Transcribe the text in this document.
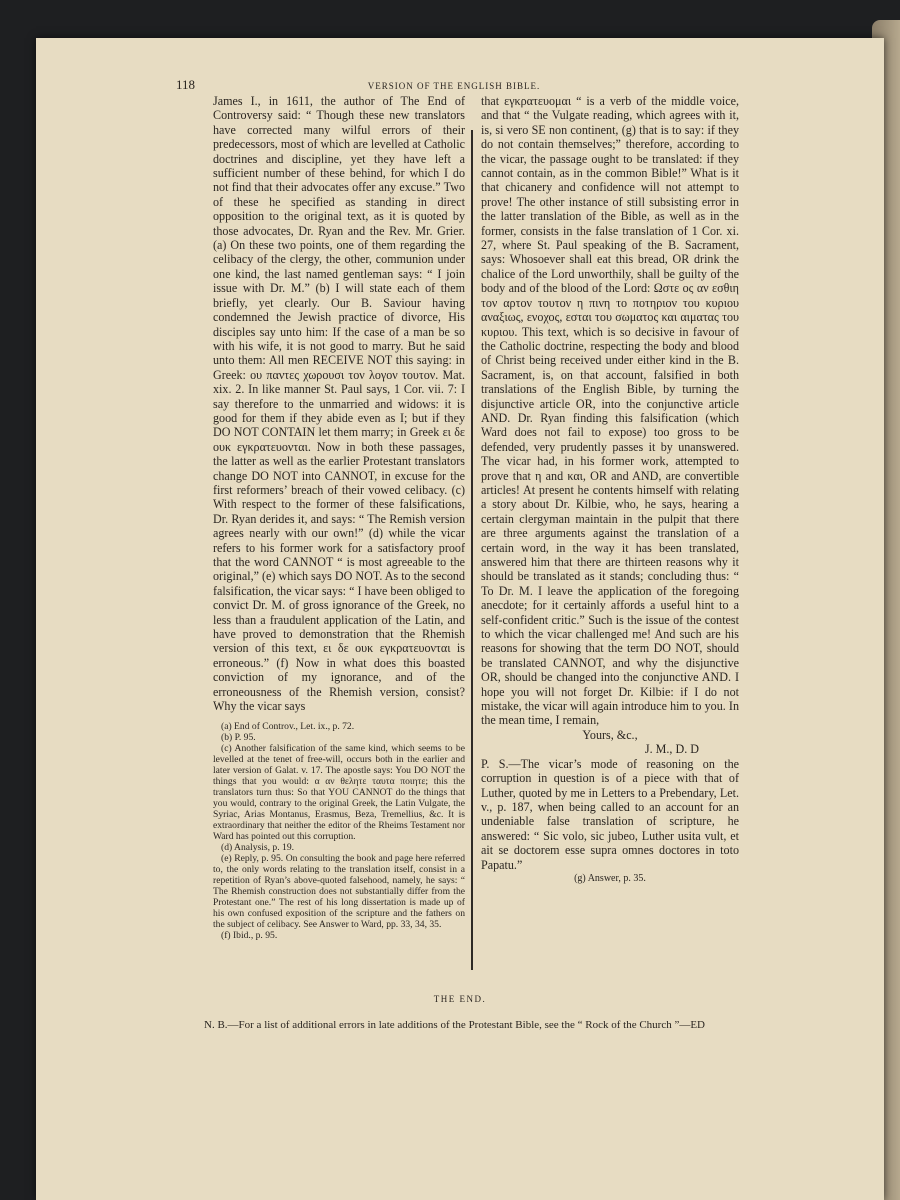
118	VERSION OF THE ENGLISH BIBLE.

James I., in 1611, the author of The End of Controversy said: “ Though these new translators have corrected many wilful errors of their predecessors, most of which are levelled at Catholic doctrines and discipline, yet they have left a sufficient number of these behind, for which I do not find that their advocates offer any excuse.” Two of these he specified as standing in direct opposition to the original text, as it is quoted by those advocates, Dr. Ryan and the Rev. Mr. Grier. (a) On these two points, one of them regarding the celibacy of the clergy, the other, communion under one kind, the last named gentleman says: “ I join issue with Dr. M.” (b) I will state each of them briefly, yet clearly. Our B. Saviour having condemned the Jewish practice of divorce, His disciples say unto him: If the case of a man be so with his wife, it is not good to marry. But he said unto them: All men RECEIVE NOT this saying: in Greek: ου παντες χωρουσι τον λογον τουτον. Mat. xix. 2. In like manner St. Paul says, 1 Cor. vii. 7: I say therefore to the unmarried and widows: it is good for them if they abide even as I; but if they DO NOT CONTAIN let them marry; in Greek ει δε ουκ εγκρατευονται. Now in both these passages, the latter as well as the earlier Protestant translators change DO NOT into CANNOT, in excuse for the first reformers’ breach of their vowed celibacy. (c) With respect to the former of these falsifications, Dr. Ryan derides it, and says: “ The Remish version agrees nearly with our own!” (d) while the vicar refers to his former work for a satisfactory proof that the word CANNOT “ is most agreeable to the original,” (e) which says DO NOT. As to the second falsification, the vicar says: “ I have been obliged to convict Dr. M. of gross ignorance of the Greek, no less than a fraudulent application of the Latin, and have proved to demonstration that the Rhemish version of this text, ει δε ουκ εγκρατευονται is erroneous.” (f) Now in what does this boasted conviction of my ignorance, and of the erroneousness of the Rhemish version, consist? Why the vicar says

(a) End of Controv., Let. ix., p. 72.

(b) P. 95.

(c) Another falsification of the same kind, which seems to be levelled at the tenet of free-will, occurs both in the earlier and later version of Galat. v. 17. The apostle says: You DO NOT the things that you would: α αν θελητε ταυτα ποιητε; this the translators turn thus: So that YOU CANNOT do the things that you would, contrary to the original Greek, the Latin Vulgate, the Syriac, Arias Montanus, Erasmus, Beza, Tremellius, &c. It is extraordinary that neither the editor of the Rheims Testament nor Ward has pointed out this corruption.

(d) Analysis, p. 19.

(e) Reply, p. 95. On consulting the book and page here referred to, the only words relating to the translation itself, consist in a repetition of Ryan’s above-quoted falsehood, namely, he says: “ The Rhemish construction does not substantially differ from the Protestant one.” The rest of his long dissertation is made up of his own confused exposition of the scripture and the fathers on the subject of celibacy. See Answer to Ward, pp. 33, 34, 35.

(f) Ibid., p. 95.

that εγκρατευομαι “ is a verb of the middle voice, and that “ the Vulgate reading, which agrees with it, is, si vero SE non continent, (g) that is to say: if they do not contain themselves;” therefore, according to the vicar, the passage ought to be translated: if they cannot contain, as in the common Bible!” What is it that chicanery and confidence will not attempt to prove! The other instance of still subsisting error in the latter translation of the Bible, as well as in the former, consists in the false translation of 1 Cor. xi. 27, where St. Paul speaking of the B. Sacrament, says: Whosoever shall eat this bread, OR drink the chalice of the Lord unworthily, shall be guilty of the body and of the blood of the Lord: Ωστε ος αν εσθιη τον αρτον τουτον η πινη το ποτηριον του κυριου αναξιως, ενοχος, εσται του σωματος και αιματας του κυριου. This text, which is so decisive in favour of the Catholic doctrine, respecting the body and blood of Christ being received under either kind in the B. Sacrament, is, on that account, falsified in both translations of the English Bible, by turning the disjunctive article OR, into the conjunctive article AND. Dr. Ryan finding this falsification (which Ward does not fail to expose) too gross to be defended, very prudently passes it by unanswered. The vicar had, in his former work, attempted to prove that η and και, OR and AND, are convertible articles! At present he contents himself with relating a story about Dr. Kilbie, who, he says, hearing a certain clergyman maintain in the pulpit that there are three arguments against the translation of a certain word, in the way it has been translated, answered him that there are thirteen reasons why it should be translated as it stands; concluding thus: “ To Dr. M. I leave the application of the foregoing anecdote; for it certainly affords a useful hint to a self-confident critic.” Such is the issue of the contest to which the vicar challenged me! And such are his reasons for showing that the term DO NOT, should be translated CANNOT, and why the disjunctive OR, should be changed into the conjunctive AND. I hope you will not forget Dr. Kilbie: if I do not mistake, the vicar will again introduce him to you. In the mean time, I remain,

Yours, &c.,

J. M., D. D

P. S.—The vicar’s mode of reasoning on the corruption in question is of a piece with that of Luther, quoted by me in Letters to a Prebendary, Let. v., p. 187, when being called to an account for an undeniable false translation of scripture, he answered: “ Sic volo, sic jubeo, Luther usita vult, et ait se doctorem esse supra omnes doctores in toto Papatu.”

(g) Answer, p. 35.

THE END.
N. B.—For a list of additional errors in late additions of the Protestant Bible, see the “ Rock of the Church ”—ED
